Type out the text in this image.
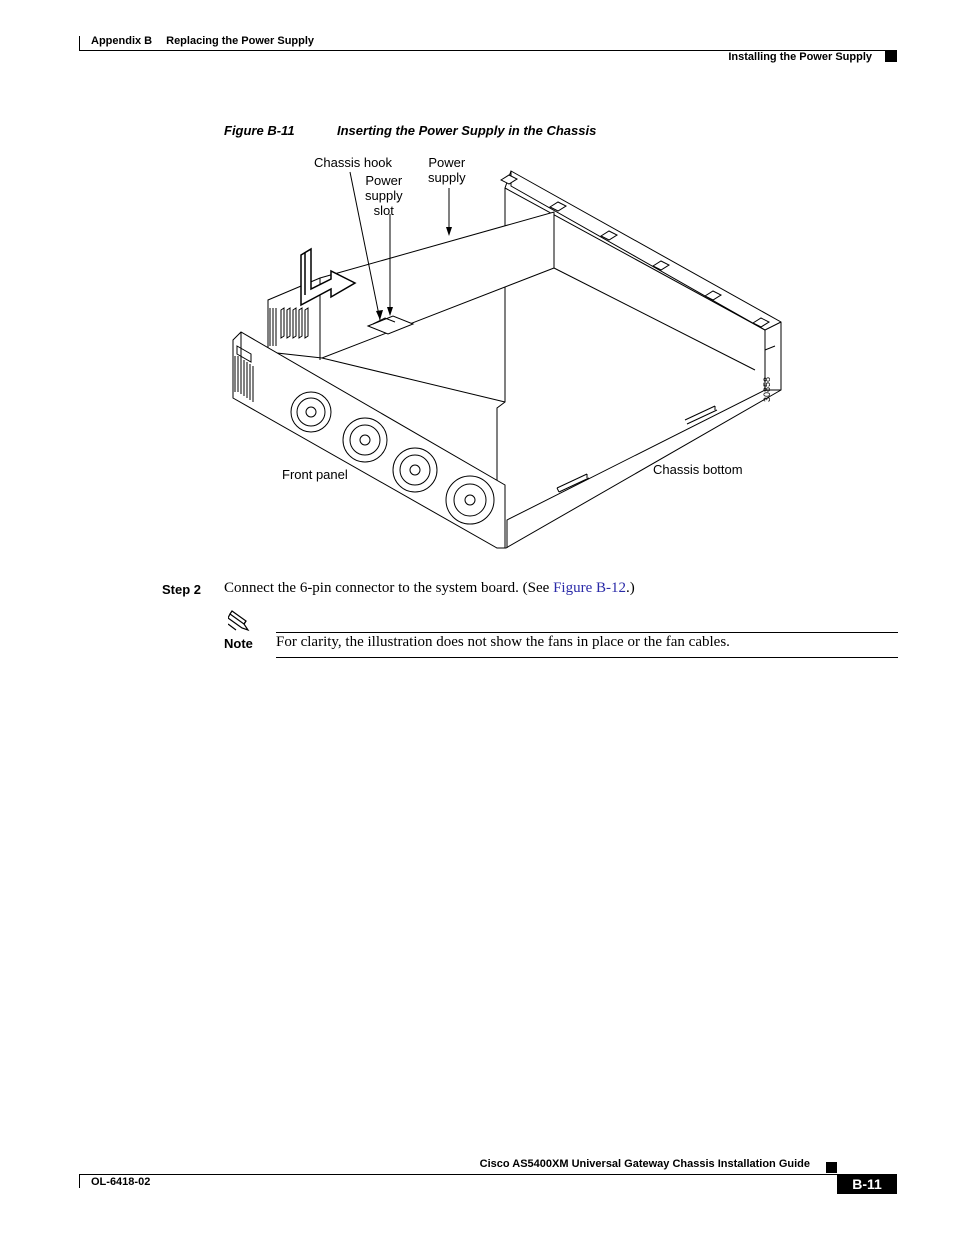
Appendix B Replacing the Power Supply
Installing the Power Supply
Figure B-11	Inserting the Power Supply in the Chassis
Chassis hook
Power
supply
slot
Power
supply
Front panel	Chassis bottom
30858
Step 2 Connect the 6-pin connector to the system board. (See Figure B-12.)
Note For clarity, the illustration does not show the fans in place or the fan cables.
Cisco AS5400XM Universal Gateway Chassis Installation Guide
OL-6418-02	B-11
